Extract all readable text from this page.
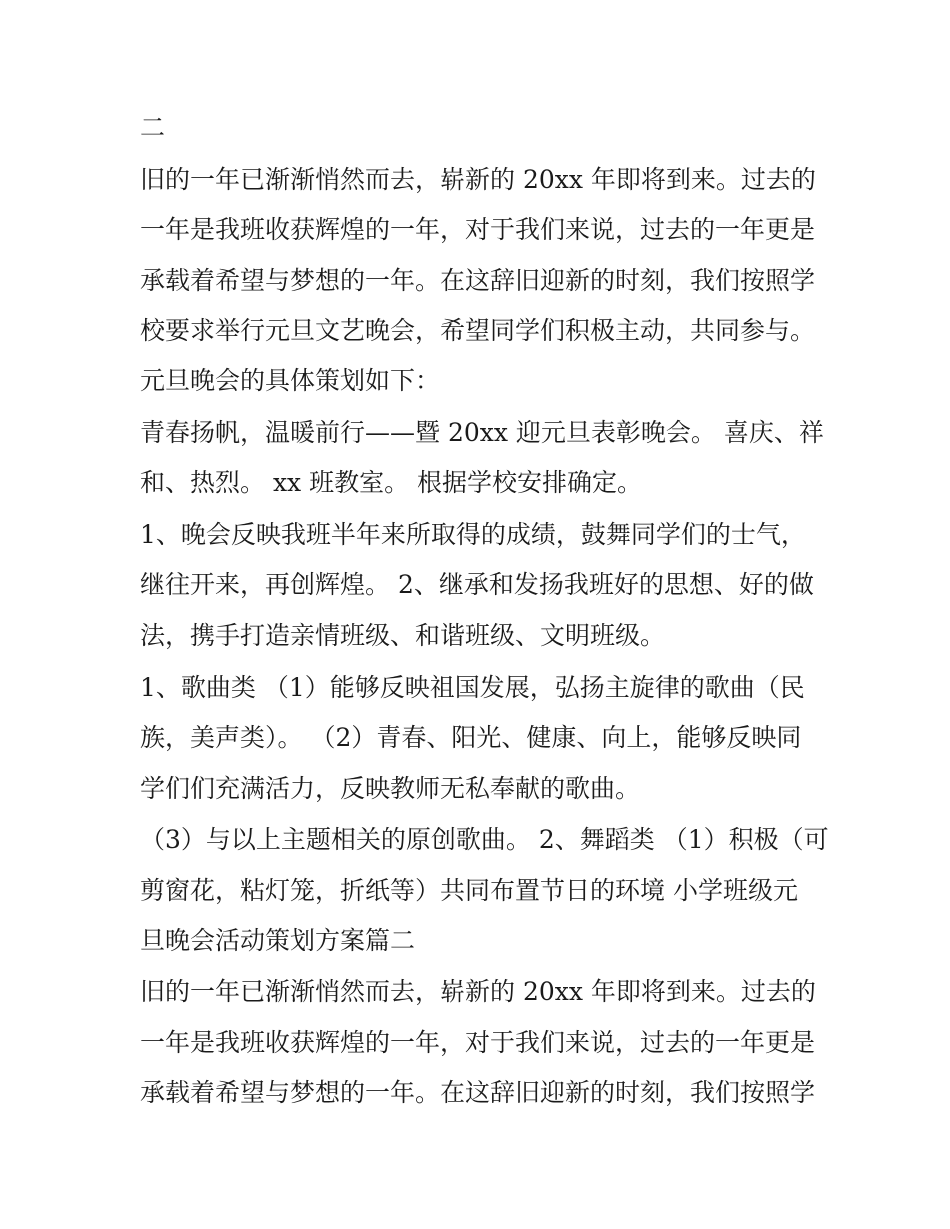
二
旧的一年已渐渐悄然而去，崭新的 20xx 年即将到来。过去的
一年是我班收获辉煌的一年，对于我们来说，过去的一年更是
承载着希望与梦想的一年。在这辞旧迎新的时刻，我们按照学
校要求举行元旦文艺晚会，希望同学们积极主动，共同参与。
元旦晚会的具体策划如下：
青春扬帆，温暖前行——暨 20xx 迎元旦表彰晚会。 喜庆、祥
和、热烈。 xx 班教室。 根据学校安排确定。
1、晚会反映我班半年来所取得的成绩，鼓舞同学们的士气，
继往开来，再创辉煌。 2、继承和发扬我班好的思想、好的做
法，携手打造亲情班级、和谐班级、文明班级。
1、歌曲类 （1）能够反映祖国发展，弘扬主旋律的歌曲（民
族，美声类）。 （2）青春、阳光、健康、向上，能够反映同
学们们充满活力，反映教师无私奉献的歌曲。
（3）与以上主题相关的原创歌曲。 2、舞蹈类 （1）积极（可
剪窗花，粘灯笼，折纸等）共同布置节日的环境 小学班级元
旦晚会活动策划方案篇二
旧的一年已渐渐悄然而去，崭新的 20xx 年即将到来。过去的
一年是我班收获辉煌的一年，对于我们来说，过去的一年更是
承载着希望与梦想的一年。在这辞旧迎新的时刻，我们按照学
